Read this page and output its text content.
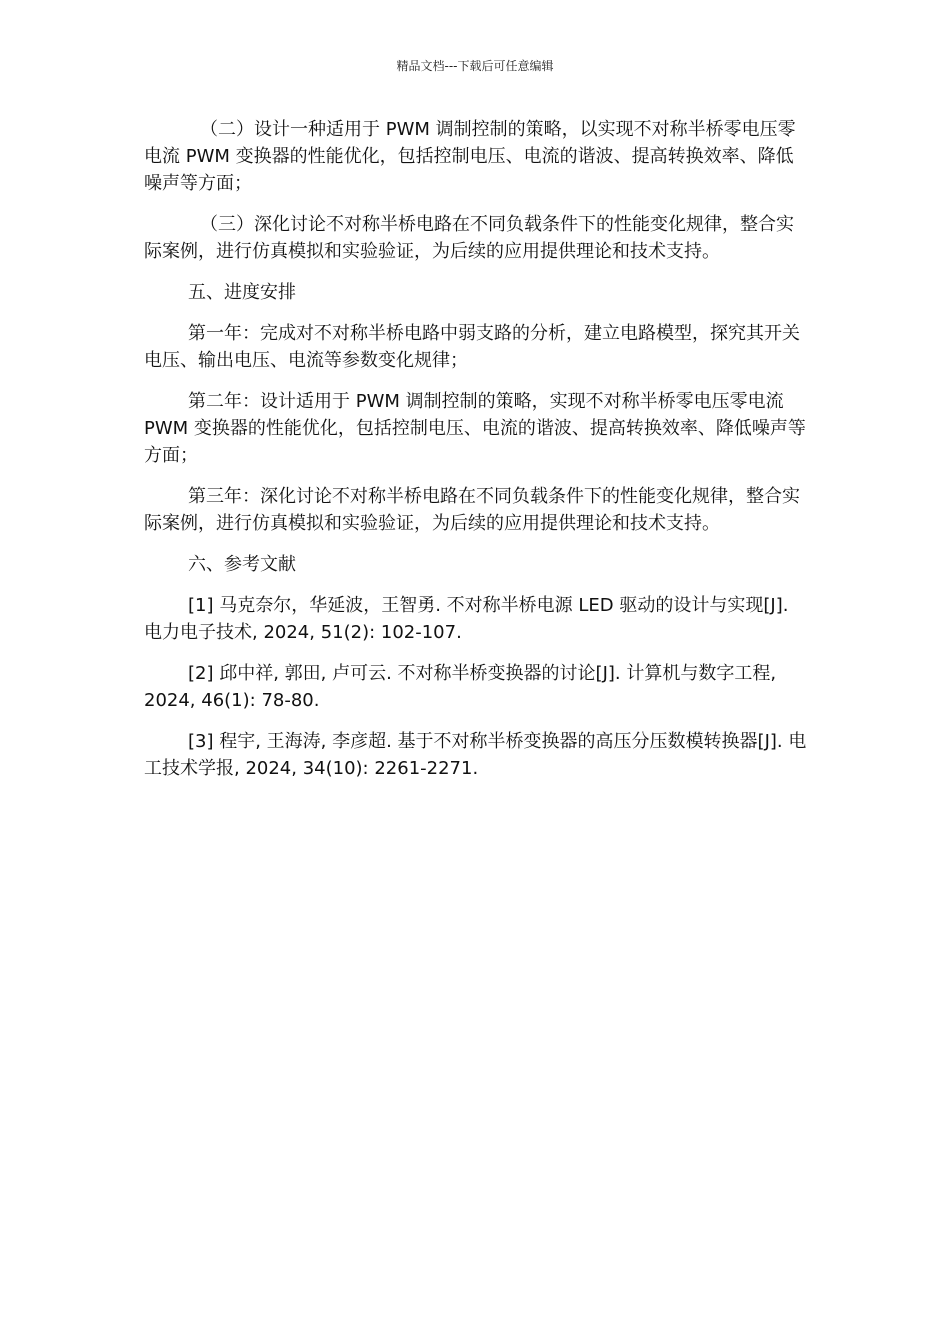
精品文档---下载后可任意编辑

（二）设计一种适用于 PWM 调制控制的策略，以实现不对称半桥零电压零电流 PWM 变换器的性能优化，包括控制电压、电流的谐波、提高转换效率、降低噪声等方面；

（三）深化讨论不对称半桥电路在不同负载条件下的性能变化规律，整合实际案例，进行仿真模拟和实验验证，为后续的应用提供理论和技术支持。

五、进度安排

第一年：完成对不对称半桥电路中弱支路的分析，建立电路模型，探究其开关电压、输出电压、电流等参数变化规律；

第二年：设计适用于 PWM 调制控制的策略，实现不对称半桥零电压零电流 PWM 变换器的性能优化，包括控制电压、电流的谐波、提高转换效率、降低噪声等方面；

第三年：深化讨论不对称半桥电路在不同负载条件下的性能变化规律，整合实际案例，进行仿真模拟和实验验证，为后续的应用提供理论和技术支持。

六、参考文献

[1] 马克奈尔，华延波，王智勇. 不对称半桥电源 LED 驱动的设计与实现[J]. 电力电子技术, 2024, 51(2): 102-107.

[2] 邱中祥, 郭田, 卢可云. 不对称半桥变换器的讨论[J]. 计算机与数字工程, 2024, 46(1): 78-80.

[3] 程宇, 王海涛, 李彦超. 基于不对称半桥变换器的高压分压数模转换器[J]. 电工技术学报, 2024, 34(10): 2261-2271.
